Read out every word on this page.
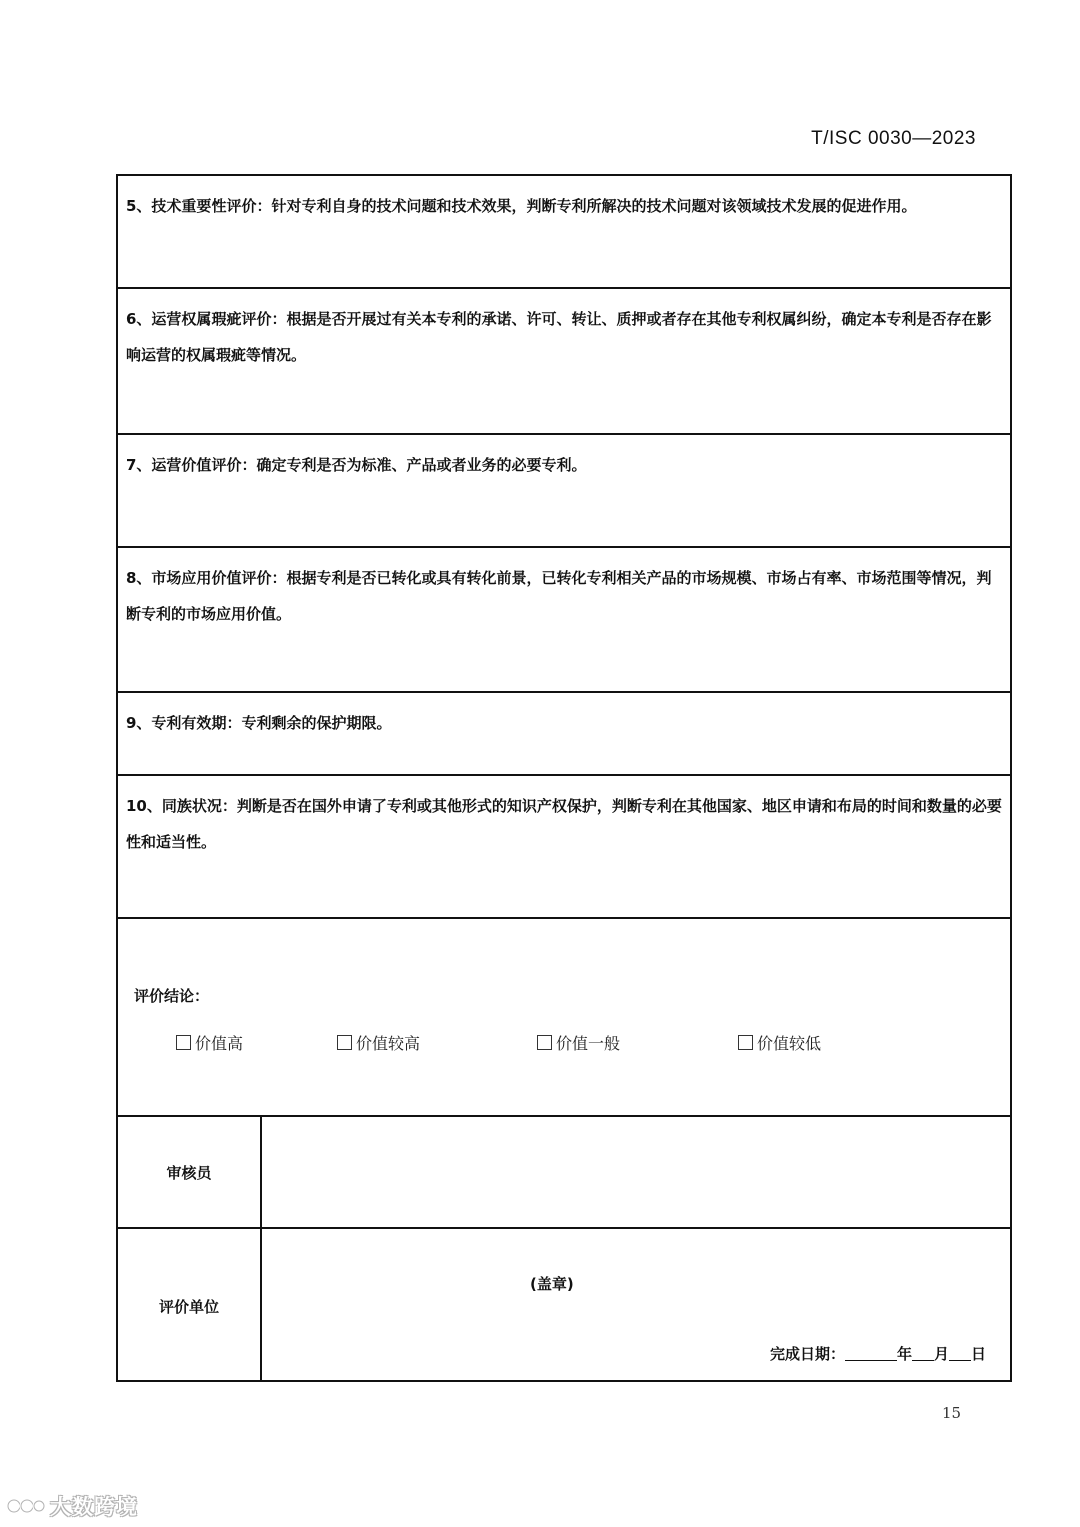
T/ISC 0030—2023
5、技术重要性评价：针对专利自身的技术问题和技术效果，判断专利所解决的技术问题对该领域技术发展的促进作用。
6、运营权属瑕疵评价：根据是否开展过有关本专利的承诺、许可、转让、质押或者存在其他专利权属纠纷，确定本专利是否存在影响运营的权属瑕疵等情况。
7、运营价值评价：确定专利是否为标准、产品或者业务的必要专利。
8、市场应用价值评价：根据专利是否已转化或具有转化前景，已转化专利相关产品的市场规模、市场占有率、市场范围等情况，判断专利的市场应用价值。
9、专利有效期：专利剩余的保护期限。
10、同族状况：判断是否在国外申请了专利或其他形式的知识产权保护，判断专利在其他国家、地区申请和布局的时间和数量的必要性和适当性。
评价结论：
价值高	价值较高	价值一般	价值较低
审核员
评价单位
(盖章)
完成日期：	年 月 日
15
大数跨境
